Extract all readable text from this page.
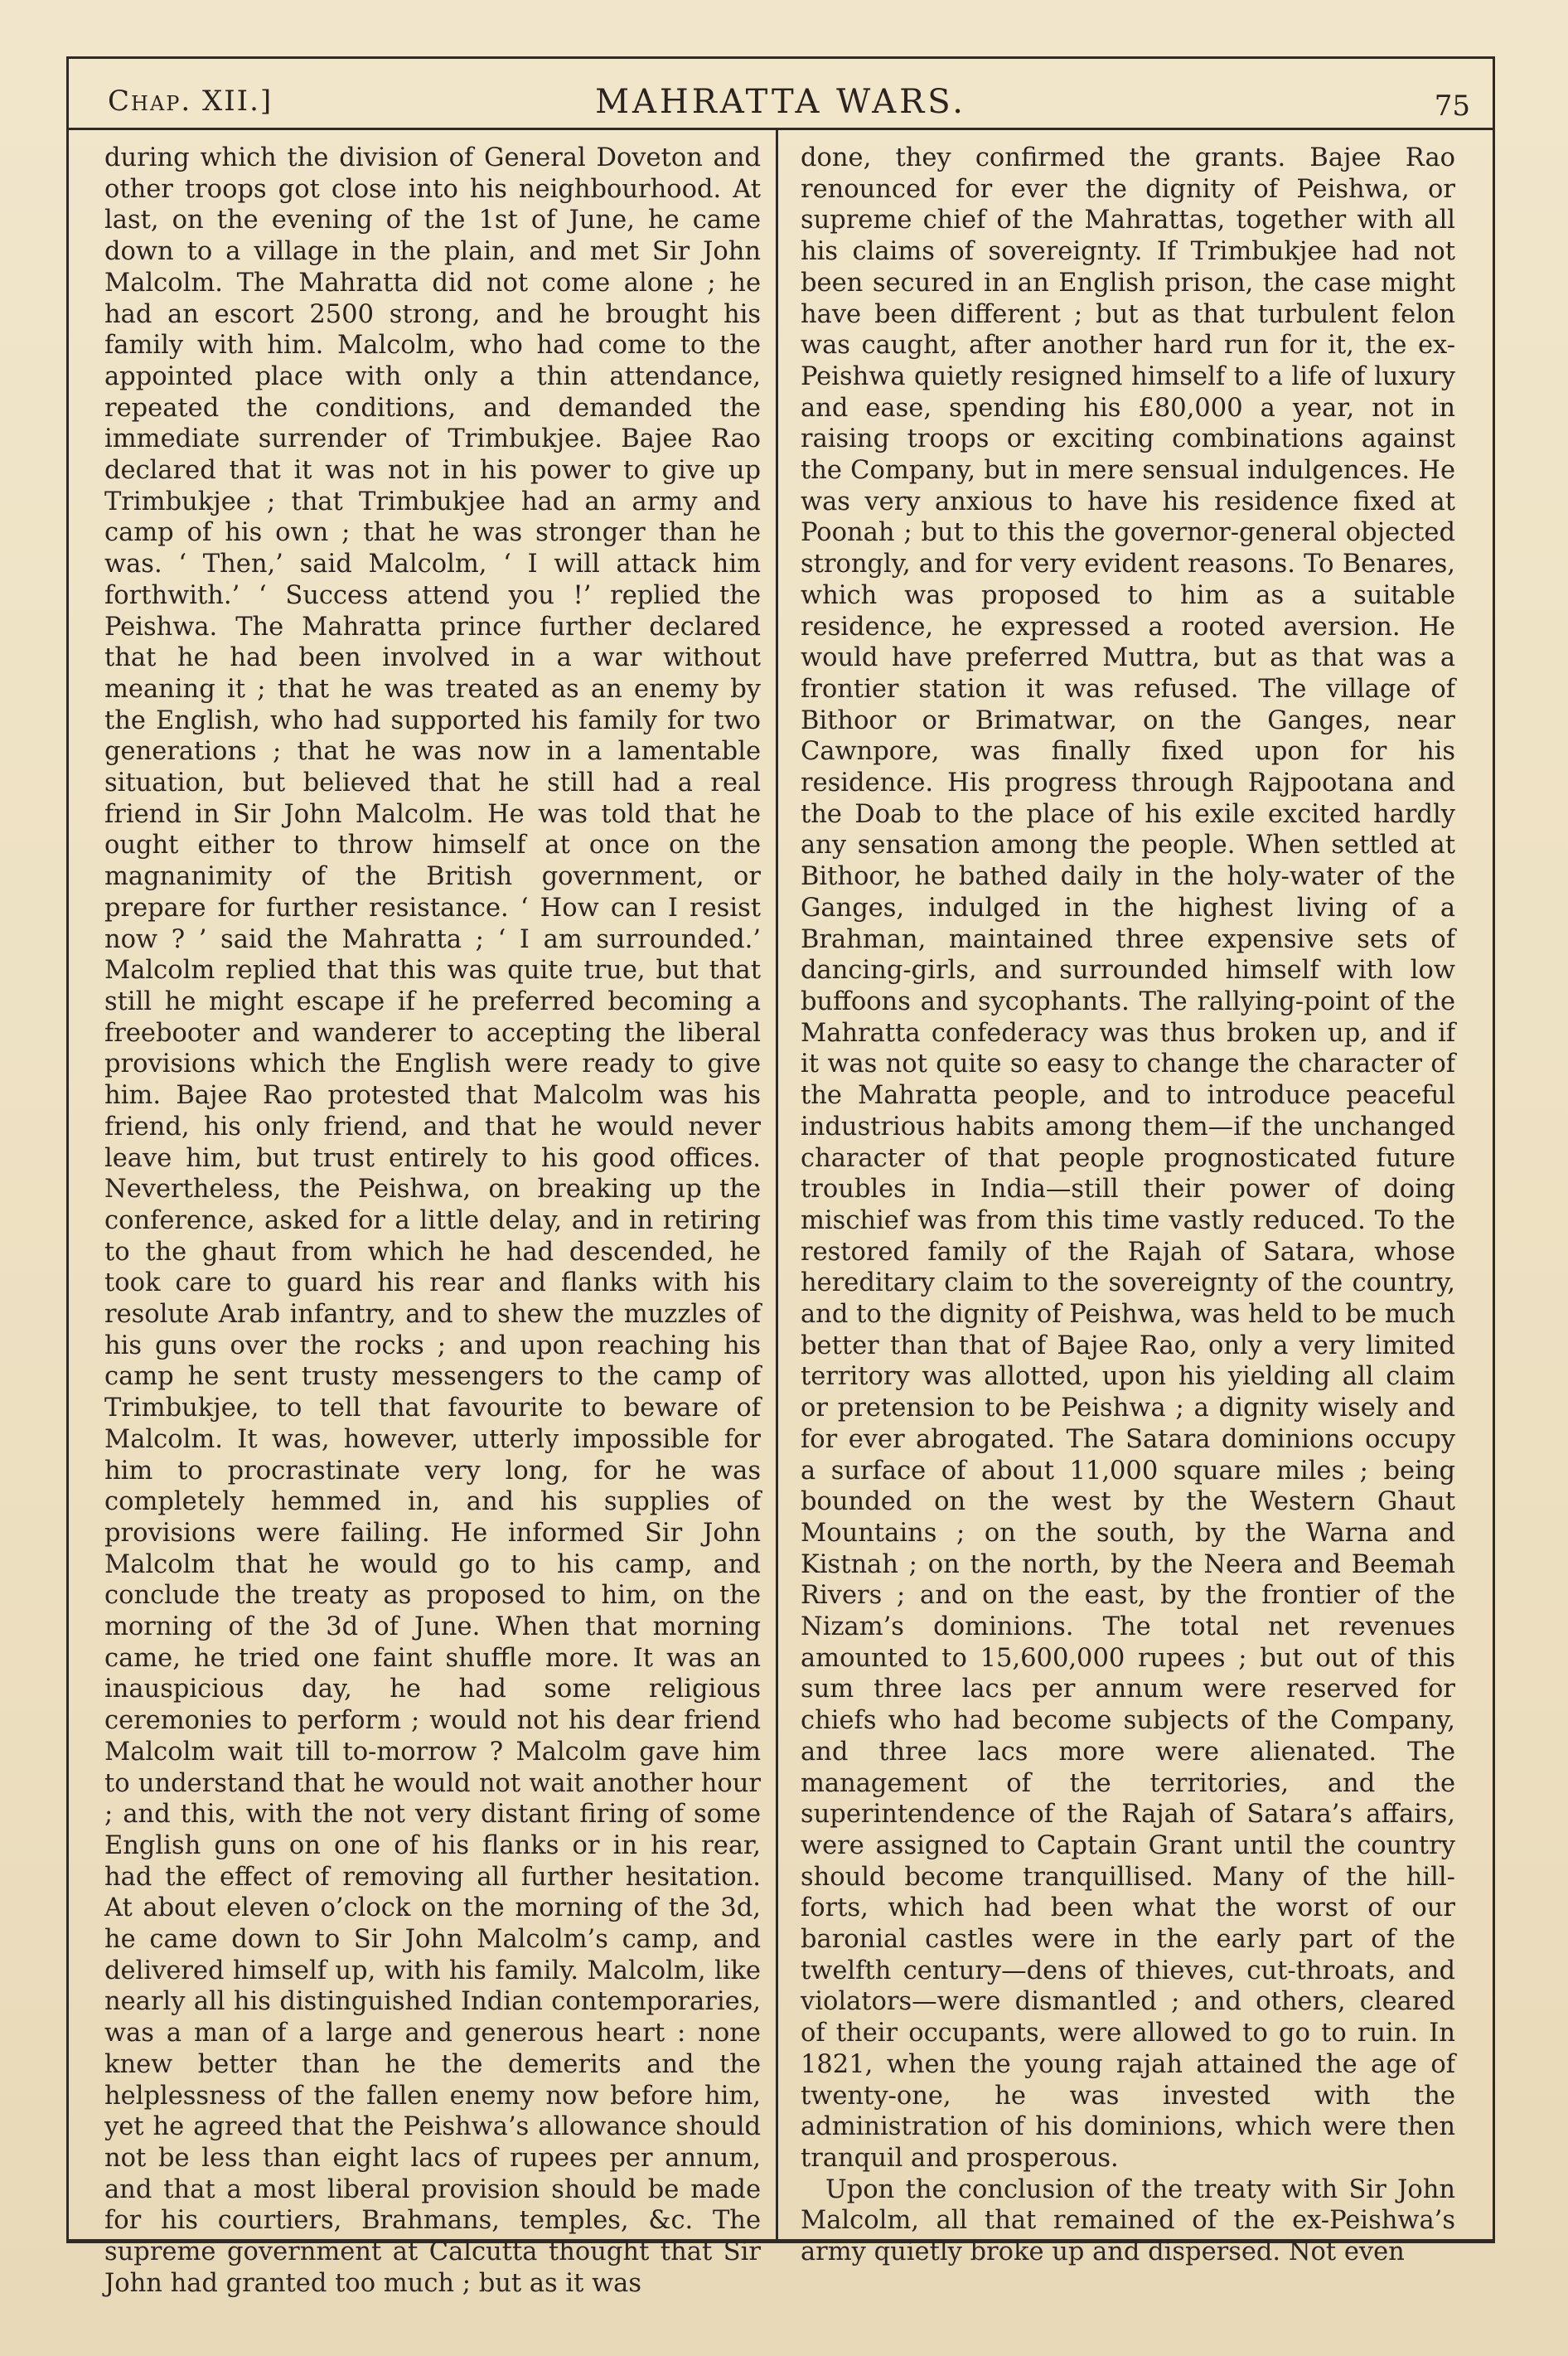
Chap. XII.]	MAHRATTA WARS.	75

during which the division of General Doveton and other troops got close into his neighbourhood. At last, on the evening of the 1st of June, he came down to a village in the plain, and met Sir John Malcolm. The Mahratta did not come alone ; he had an escort 2500 strong, and he brought his family with him. Malcolm, who had come to the appointed place with only a thin attendance, repeated the conditions, and demanded the immediate surrender of Trimbukjee. Bajee Rao declared that it was not in his power to give up Trimbukjee ; that Trimbukjee had an army and camp of his own ; that he was stronger than he was. ‘ Then,’ said Malcolm, ‘ I will attack him forthwith.’ ‘ Success attend you !’ replied the Peishwa. The Mahratta prince further declared that he had been involved in a war without meaning it ; that he was treated as an enemy by the English, who had supported his family for two generations ; that he was now in a lamentable situation, but believed that he still had a real friend in Sir John Malcolm. He was told that he ought either to throw himself at once on the magnanimity of the British government, or prepare for further resistance. ‘ How can I resist now ? ’ said the Mahratta ; ‘ I am surrounded.’ Malcolm replied that this was quite true, but that still he might escape if he preferred becoming a freebooter and wanderer to accepting the liberal provisions which the English were ready to give him. Bajee Rao protested that Malcolm was his friend, his only friend, and that he would never leave him, but trust entirely to his good offices. Nevertheless, the Peishwa, on breaking up the conference, asked for a little delay, and in retiring to the ghaut from which he had descended, he took care to guard his rear and flanks with his resolute Arab infantry, and to shew the muzzles of his guns over the rocks ; and upon reaching his camp he sent trusty messengers to the camp of Trimbukjee, to tell that favourite to beware of Malcolm. It was, however, utterly impossible for him to procrastinate very long, for he was completely hemmed in, and his supplies of provisions were failing. He informed Sir John Malcolm that he would go to his camp, and conclude the treaty as proposed to him, on the morning of the 3d of June. When that morning came, he tried one faint shuffle more. It was an inauspicious day, he had some religious ceremonies to perform ; would not his dear friend Malcolm wait till to-morrow ? Malcolm gave him to understand that he would not wait another hour ; and this, with the not very distant firing of some English guns on one of his flanks or in his rear, had the effect of removing all further hesitation. At about eleven o’clock on the morning of the 3d, he came down to Sir John Malcolm’s camp, and delivered himself up, with his family. Malcolm, like nearly all his distinguished Indian contemporaries, was a man of a large and generous heart : none knew better than he the demerits and the helplessness of the fallen enemy now before him, yet he agreed that the Peishwa’s allowance should not be less than eight lacs of rupees per annum, and that a most liberal provision should be made for his courtiers, Brahmans, temples, &c. The supreme government at Calcutta thought that Sir John had granted too much ; but as it was

done, they confirmed the grants. Bajee Rao renounced for ever the dignity of Peishwa, or supreme chief of the Mahrattas, together with all his claims of sovereignty. If Trimbukjee had not been secured in an English prison, the case might have been different ; but as that turbulent felon was caught, after another hard run for it, the ex-Peishwa quietly resigned himself to a life of luxury and ease, spending his £80,000 a year, not in raising troops or exciting combinations against the Company, but in mere sensual indulgences. He was very anxious to have his residence fixed at Poonah ; but to this the governor-general objected strongly, and for very evident reasons. To Benares, which was proposed to him as a suitable residence, he expressed a rooted aversion. He would have preferred Muttra, but as that was a frontier station it was refused. The village of Bithoor or Brimatwar, on the Ganges, near Cawnpore, was finally fixed upon for his residence. His progress through Rajpootana and the Doab to the place of his exile excited hardly any sensation among the people. When settled at Bithoor, he bathed daily in the holy-water of the Ganges, indulged in the highest living of a Brahman, maintained three expensive sets of dancing-girls, and surrounded himself with low buffoons and sycophants. The rallying-point of the Mahratta confederacy was thus broken up, and if it was not quite so easy to change the character of the Mahratta people, and to introduce peaceful industrious habits among them—if the unchanged character of that people prognosticated future troubles in India—still their power of doing mischief was from this time vastly reduced. To the restored family of the Rajah of Satara, whose hereditary claim to the sovereignty of the country, and to the dignity of Peishwa, was held to be much better than that of Bajee Rao, only a very limited territory was allotted, upon his yielding all claim or pretension to be Peishwa ; a dignity wisely and for ever abrogated. The Satara dominions occupy a surface of about 11,000 square miles ; being bounded on the west by the Western Ghaut Mountains ; on the south, by the Warna and Kistnah ; on the north, by the Neera and Beemah Rivers ; and on the east, by the frontier of the Nizam’s dominions. The total net revenues amounted to 15,600,000 rupees ; but out of this sum three lacs per annum were reserved for chiefs who had become subjects of the Company, and three lacs more were alienated. The management of the territories, and the superintendence of the Rajah of Satara’s affairs, were assigned to Captain Grant until the country should become tranquillised. Many of the hill-forts, which had been what the worst of our baronial castles were in the early part of the twelfth century—dens of thieves, cut-throats, and violators—were dismantled ; and others, cleared of their occupants, were allowed to go to ruin. In 1821, when the young rajah attained the age of twenty-one, he was invested with the administration of his dominions, which were then tranquil and prosperous.

Upon the conclusion of the treaty with Sir John Malcolm, all that remained of the ex-Peishwa’s army quietly broke up and dispersed. Not even
